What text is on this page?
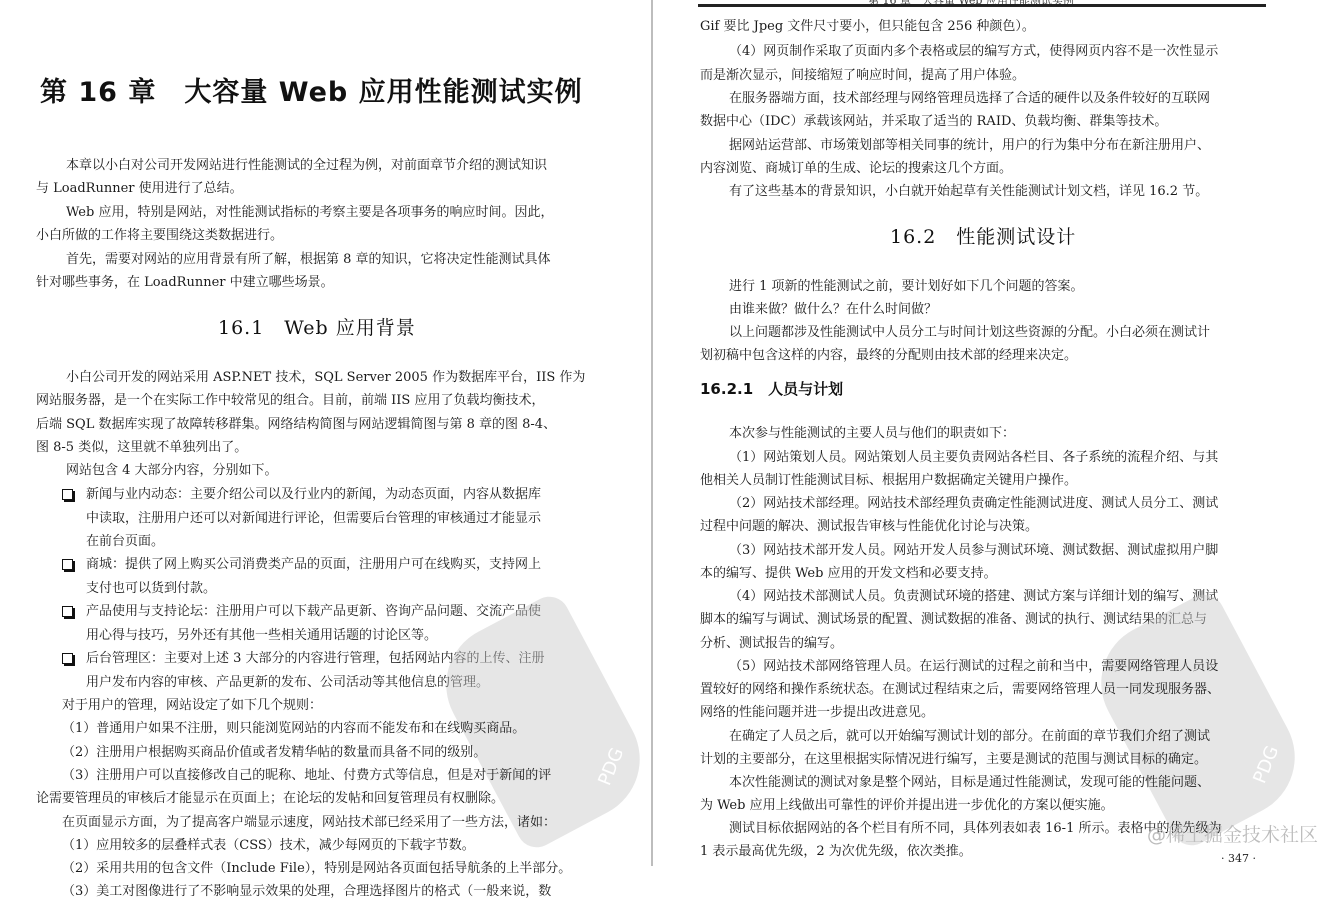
第 16 章　大容量 Web 应用性能测试实例
本章以小白对公司开发网站进行性能测试的全过程为例，对前面章节介绍的测试知识
与 LoadRunner 使用进行了总结。
Web 应用，特别是网站，对性能测试指标的考察主要是各项事务的响应时间。因此，
小白所做的工作将主要围绕这类数据进行。
首先，需要对网站的应用背景有所了解，根据第 8 章的知识，它将决定性能测试具体
针对哪些事务，在 LoadRunner 中建立哪些场景。
16.1　Web 应用背景
小白公司开发的网站采用 ASP.NET 技术，SQL Server 2005 作为数据库平台，IIS 作为
网站服务器，是一个在实际工作中较常见的组合。目前，前端 IIS 应用了负载均衡技术，
后端 SQL 数据库实现了故障转移群集。网络结构简图与网站逻辑简图与第 8 章的图 8-4、
图 8-5 类似，这里就不单独列出了。
网站包含 4 大部分内容，分别如下。
新闻与业内动态：主要介绍公司以及行业内的新闻，为动态页面，内容从数据库
中读取，注册用户还可以对新闻进行评论，但需要后台管理的审核通过才能显示
在前台页面。
商城：提供了网上购买公司消费类产品的页面，注册用户可在线购买，支持网上
支付也可以货到付款。
产品使用与支持论坛：注册用户可以下载产品更新、咨询产品问题、交流产品使
用心得与技巧，另外还有其他一些相关通用话题的讨论区等。
后台管理区：主要对上述 3 大部分的内容进行管理，包括网站内容的上传、注册
用户发布内容的审核、产品更新的发布、公司活动等其他信息的管理。
PDG
对于用户的管理，网站设定了如下几个规则：
（1）普通用户如果不注册，则只能浏览网站的内容而不能发布和在线购买商品。
（2）注册用户根据购买商品价值或者发精华帖的数量而具备不同的级别。
（3）注册用户可以直接修改自己的昵称、地址、付费方式等信息，但是对于新闻的评
论需要管理员的审核后才能显示在页面上；在论坛的发帖和回复管理员有权删除。
在页面显示方面，为了提高客户端显示速度，网站技术部已经采用了一些方法，诸如：
（1）应用较多的层叠样式表（CSS）技术，减少每网页的下载字节数。
（2）采用共用的包含文件（Include File），特别是网站各页面包括导航条的上半部分。
（3）美工对图像进行了不影响显示效果的处理，合理选择图片的格式（一般来说，数
Gif 要比 Jpeg 文件尺寸要小，但只能包含 256 种颜色）。
（4）网页制作采取了页面内多个表格或层的编写方式，使得网页内容不是一次性显示
而是渐次显示，间接缩短了响应时间，提高了用户体验。
在服务器端方面，技术部经理与网络管理员选择了合适的硬件以及条件较好的互联网
数据中心（IDC）承载该网站，并采取了适当的 RAID、负载均衡、群集等技术。
据网站运营部、市场策划部等相关同事的统计，用户的行为集中分布在新注册用户、
内容浏览、商城订单的生成、论坛的搜索这几个方面。
有了这些基本的背景知识，小白就开始起草有关性能测试计划文档，详见 16.2 节。
16.2　性能测试设计
进行 1 项新的性能测试之前，要计划好如下几个问题的答案。
由谁来做？做什么？在什么时间做？
以上问题都涉及性能测试中人员分工与时间计划这些资源的分配。小白必须在测试计
划初稿中包含这样的内容，最终的分配则由技术部的经理来决定。
16.2.1　人员与计划
本次参与性能测试的主要人员与他们的职责如下：
（1）网站策划人员。网站策划人员主要负责网站各栏目、各子系统的流程介绍、与其
他相关人员制订性能测试目标、根据用户数据确定关键用户操作。
（2）网站技术部经理。网站技术部经理负责确定性能测试进度、测试人员分工、测试
过程中问题的解决、测试报告审核与性能优化讨论与决策。
（3）网站技术部开发人员。网站开发人员参与测试环境、测试数据、测试虚拟用户脚
本的编写、提供 Web 应用的开发文档和必要支持。
（4）网站技术部测试人员。负责测试环境的搭建、测试方案与详细计划的编写、测试
脚本的编写与调试、测试场景的配置、测试数据的准备、测试的执行、测试结果的汇总与
分析、测试报告的编写。
PDG
（5）网站技术部网络管理人员。在运行测试的过程之前和当中，需要网络管理人员设
置较好的网络和操作系统状态。在测试过程结束之后，需要网络管理人员一同发现服务器、
网络的性能问题并进一步提出改进意见。
在确定了人员之后，就可以开始编写测试计划的部分。在前面的章节我们介绍了测试
计划的主要部分，在这里根据实际情况进行编写，主要是测试的范围与测试目标的确定。
本次性能测试的测试对象是整个网站，目标是通过性能测试，发现可能的性能问题、
为 Web 应用上线做出可靠性的评价并提出进一步优化的方案以便实施。
测试目标依据网站的各个栏目有所不同，具体列表如表 16-1 所示。表格中的优先级为
1 表示最高优先级，2 为次优先级，依次类推。	· 347 ·
@稀土掘金技术社区
